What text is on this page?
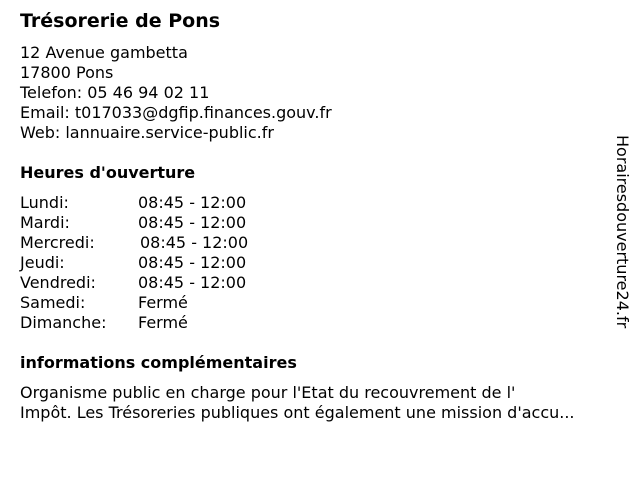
Trésorerie de Pons
12 Avenue gambetta
17800 Pons
Telefon: 05 46 94 02 11
Email: t017033@dgfip.finances.gouv.fr
Web: lannuaire.service-public.fr
Heures d'ouverture
Lundi:	08:45 - 12:00
Mardi:	08:45 - 12:00
Mercredi:	08:45 - 12:00
Jeudi:	08:45 - 12:00
Vendredi:	08:45 - 12:00
Samedi:	Fermé
Dimanche: Fermé
informations complémentaires
Organisme public en charge pour l'Etat du recouvrement de l'
Impôt. Les Trésoreries publiques ont également une mission d'accu...
Horairesdouverture24.fr
